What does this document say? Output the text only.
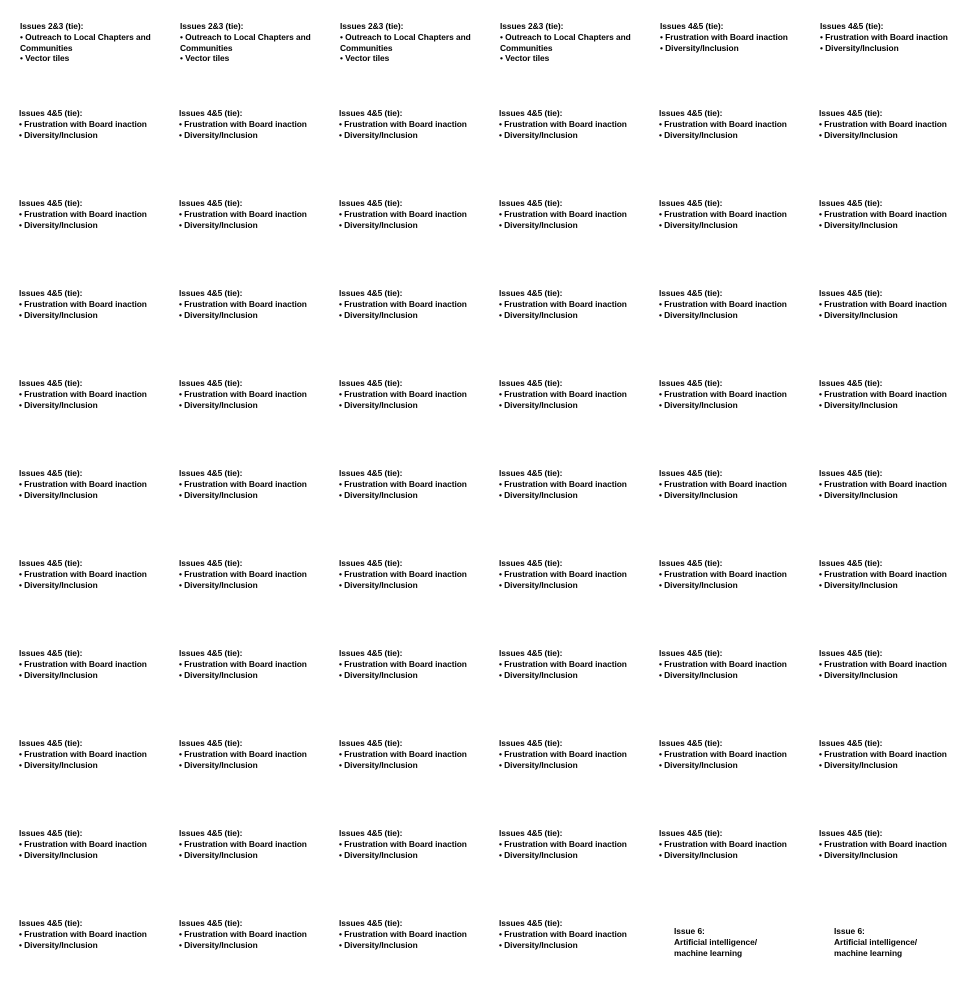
Issues 2&3 (tie):
• Outreach to Local Chapters and Communities
• Vector tiles
Issues 2&3 (tie):
• Outreach to Local Chapters and Communities
• Vector tiles
Issues 2&3 (tie):
• Outreach to Local Chapters and Communities
• Vector tiles
Issues 2&3 (tie):
• Outreach to Local Chapters and Communities
• Vector tiles
Issues 4&5 (tie):
• Frustration with Board inaction
• Diversity/Inclusion
Issues 4&5 (tie):
• Frustration with Board inaction
• Diversity/Inclusion
Issues 4&5 (tie):
• Frustration with Board inaction
• Diversity/Inclusion
Issues 4&5 (tie):
• Frustration with Board inaction
• Diversity/Inclusion
Issues 4&5 (tie):
• Frustration with Board inaction
• Diversity/Inclusion
Issues 4&5 (tie):
• Frustration with Board inaction
• Diversity/Inclusion
Issues 4&5 (tie):
• Frustration with Board inaction
• Diversity/Inclusion
Issues 4&5 (tie):
• Frustration with Board inaction
• Diversity/Inclusion
Issues 4&5 (tie):
• Frustration with Board inaction
• Diversity/Inclusion
Issues 4&5 (tie):
• Frustration with Board inaction
• Diversity/Inclusion
Issues 4&5 (tie):
• Frustration with Board inaction
• Diversity/Inclusion
Issues 4&5 (tie):
• Frustration with Board inaction
• Diversity/Inclusion
Issues 4&5 (tie):
• Frustration with Board inaction
• Diversity/Inclusion
Issues 4&5 (tie):
• Frustration with Board inaction
• Diversity/Inclusion
Issues 4&5 (tie):
• Frustration with Board inaction
• Diversity/Inclusion
Issues 4&5 (tie):
• Frustration with Board inaction
• Diversity/Inclusion
Issues 4&5 (tie):
• Frustration with Board inaction
• Diversity/Inclusion
Issues 4&5 (tie):
• Frustration with Board inaction
• Diversity/Inclusion
Issues 4&5 (tie):
• Frustration with Board inaction
• Diversity/Inclusion
Issues 4&5 (tie):
• Frustration with Board inaction
• Diversity/Inclusion
Issues 4&5 (tie):
• Frustration with Board inaction
• Diversity/Inclusion
Issues 4&5 (tie):
• Frustration with Board inaction
• Diversity/Inclusion
Issues 4&5 (tie):
• Frustration with Board inaction
• Diversity/Inclusion
Issues 4&5 (tie):
• Frustration with Board inaction
• Diversity/Inclusion
Issues 4&5 (tie):
• Frustration with Board inaction
• Diversity/Inclusion
Issues 4&5 (tie):
• Frustration with Board inaction
• Diversity/Inclusion
Issues 4&5 (tie):
• Frustration with Board inaction
• Diversity/Inclusion
Issues 4&5 (tie):
• Frustration with Board inaction
• Diversity/Inclusion
Issues 4&5 (tie):
• Frustration with Board inaction
• Diversity/Inclusion
Issues 4&5 (tie):
• Frustration with Board inaction
• Diversity/Inclusion
Issues 4&5 (tie):
• Frustration with Board inaction
• Diversity/Inclusion
Issues 4&5 (tie):
• Frustration with Board inaction
• Diversity/Inclusion
Issues 4&5 (tie):
• Frustration with Board inaction
• Diversity/Inclusion
Issues 4&5 (tie):
• Frustration with Board inaction
• Diversity/Inclusion
Issues 4&5 (tie):
• Frustration with Board inaction
• Diversity/Inclusion
Issues 4&5 (tie):
• Frustration with Board inaction
• Diversity/Inclusion
Issues 4&5 (tie):
• Frustration with Board inaction
• Diversity/Inclusion
Issues 4&5 (tie):
• Frustration with Board inaction
• Diversity/Inclusion
Issues 4&5 (tie):
• Frustration with Board inaction
• Diversity/Inclusion
Issues 4&5 (tie):
• Frustration with Board inaction
• Diversity/Inclusion
Issues 4&5 (tie):
• Frustration with Board inaction
• Diversity/Inclusion
Issues 4&5 (tie):
• Frustration with Board inaction
• Diversity/Inclusion
Issues 4&5 (tie):
• Frustration with Board inaction
• Diversity/Inclusion
Issues 4&5 (tie):
• Frustration with Board inaction
• Diversity/Inclusion
Issues 4&5 (tie):
• Frustration with Board inaction
• Diversity/Inclusion
Issues 4&5 (tie):
• Frustration with Board inaction
• Diversity/Inclusion
Issues 4&5 (tie):
• Frustration with Board inaction
• Diversity/Inclusion
Issues 4&5 (tie):
• Frustration with Board inaction
• Diversity/Inclusion
Issues 4&5 (tie):
• Frustration with Board inaction
• Diversity/Inclusion
Issues 4&5 (tie):
• Frustration with Board inaction
• Diversity/Inclusion
Issues 4&5 (tie):
• Frustration with Board inaction
• Diversity/Inclusion
Issues 4&5 (tie):
• Frustration with Board inaction
• Diversity/Inclusion
Issues 4&5 (tie):
• Frustration with Board inaction
• Diversity/Inclusion
Issues 4&5 (tie):
• Frustration with Board inaction
• Diversity/Inclusion
Issues 4&5 (tie):
• Frustration with Board inaction
• Diversity/Inclusion
Issues 4&5 (tie):
• Frustration with Board inaction
• Diversity/Inclusion
Issues 4&5 (tie):
• Frustration with Board inaction
• Diversity/Inclusion
Issues 4&5 (tie):
• Frustration with Board inaction
• Diversity/Inclusion
Issues 4&5 (tie):
• Frustration with Board inaction
• Diversity/Inclusion
Issues 4&5 (tie):
• Frustration with Board inaction
• Diversity/Inclusion
Issue 6:
Artificial intelligence/
machine learning
Issue 6:
Artificial intelligence/
machine learning
